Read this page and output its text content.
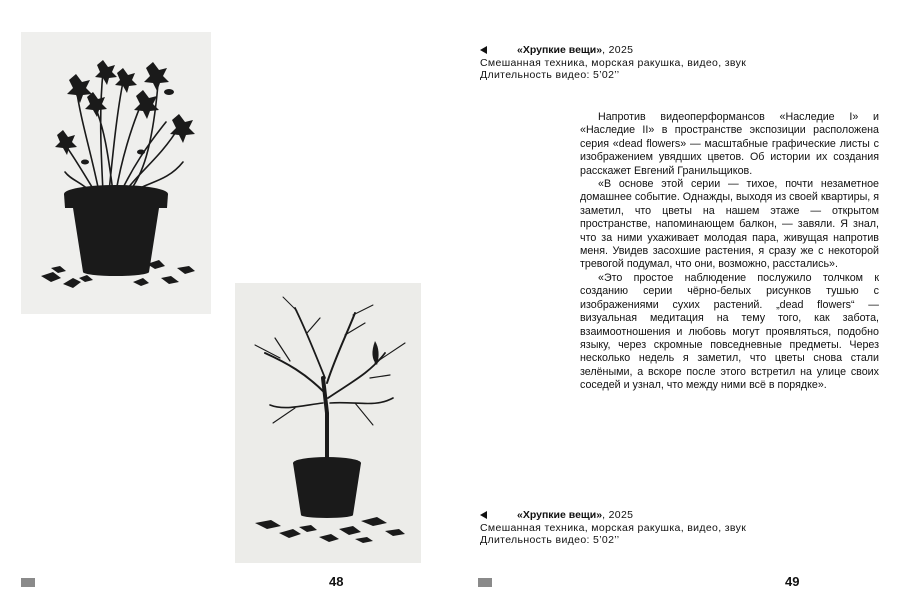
48
«Хрупкие вещи» , 2025
Смешанная техника, морская ракушка, видео, звук
Длительность видео: 5’02’’

Напротив видеоперформансов «Наследие I» и «Наследие II» в пространстве экспозиции расположена серия «dead flowers» — масштабные графические листы с изображением увядших цветов. Об истории их создания расскажет Евгений Гранильщиков.

«В основе этой серии — тихое, почти незаметное домашнее событие. Однажды, выходя из своей квартиры, я заметил, что цветы на нашем этаже — открытом пространстве, напоминающем балкон, — завяли. Я знал, что за ними ухаживает молодая пара, живущая напротив меня. Увидев засохшие растения, я сразу же с некоторой тревогой подумал, что они, возможно, расстались».

«Это простое наблюдение послужило толчком к созданию серии чёрно-белых рисунков тушью с изображениями сухих растений. „dead flowers“ — визуальная медитация на тему того, как забота, взаимоотношения и любовь могут проявляться, подобно языку, через скромные повседневные предметы. Через несколько недель я заметил, что цветы снова стали зелёными, а вскоре после этого встретил на улице своих соседей и узнал, что между ними всё в порядке».

«Хрупкие вещи» , 2025
Смешанная техника, морская ракушка, видео, звук
Длительность видео: 5’02’’
49
